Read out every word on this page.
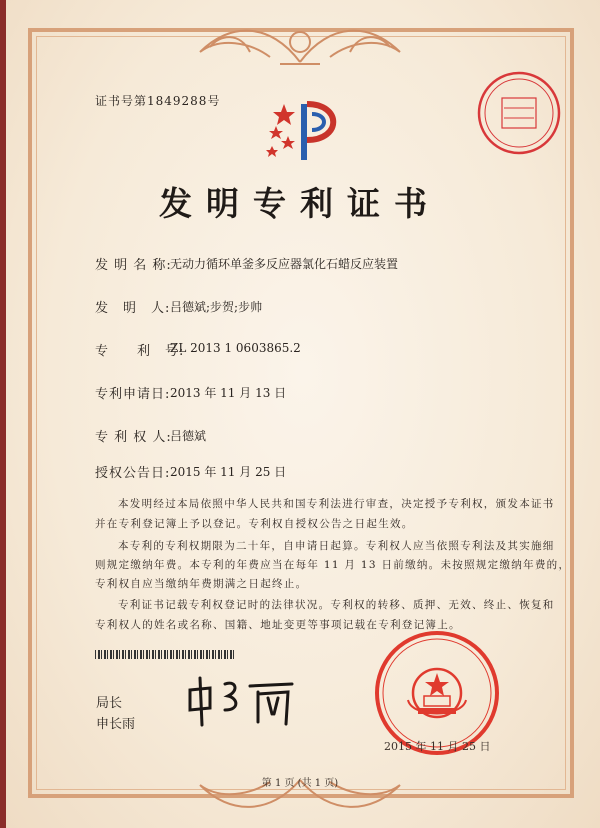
证书号第1849288号
发明专利证书
发 明 名 称:
无动力循环单釜多反应器氯化石蜡反应装置
发　明　人: 吕德斌;步贺;步帅
专　　利　号:
ZL 2013 1 0603865.2
专利申请日: 2013 年 11 月 13 日
专 利 权 人:
吕德斌
授权公告日: 2015 年 11 月 25 日
本发明经过本局依照中华人民共和国专利法进行审查，决定授予专利权，颁发本证书
并在专利登记簿上予以登记。专利权自授权公告之日起生效。
本专利的专利权期限为二十年，自申请日起算。专利权人应当依照专利法及其实施细
则规定缴纳年费。本专利的年费应当在每年 11 月 13 日前缴纳。未按照规定缴纳年费的，
专利权自应当缴纳年费期满之日起终止。
专利证书记载专利权登记时的法律状况。专利权的转移、质押、无效、终止、恢复和
专利权人的姓名或名称、国籍、地址变更等事项记载在专利登记簿上。
局长
申长雨
2015 年 11 月 25 日
第 1 页 (共 1 页)
